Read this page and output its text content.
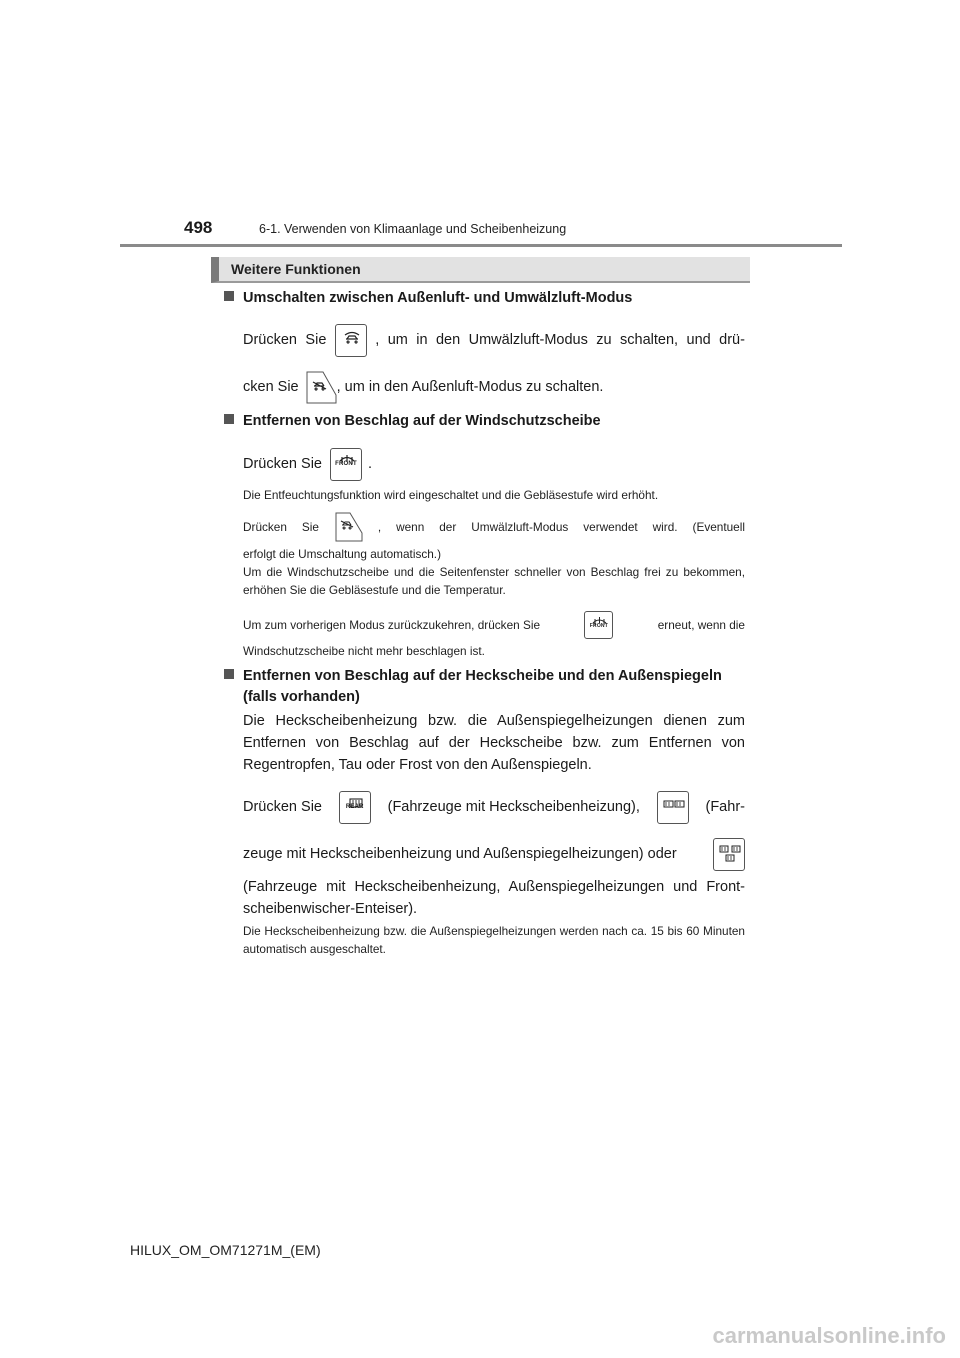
498	6-1. Verwenden von Klimaanlage und Scheibenheizung
Weitere Funktionen
Umschalten zwischen Außenluft- und Umwälzluft-Modus
Drücken Sie	, um in den Umwälzluft-Modus zu schalten, und drü-
cken Sie	, um in den Außenluft-Modus zu schalten.
Entfernen von Beschlag auf der Windschutzscheibe
Drücken Sie	FRONT .
Die Entfeuchtungsfunktion wird eingeschaltet und die Gebläsestufe wird erhöht.
Drücken Sie	, wenn der Umwälzluft-Modus verwendet wird. (Eventuell
erfolgt die Umschaltung automatisch.)
Um die Windschutzscheibe und die Seitenfenster schneller von Beschlag frei zu bekommen, erhöhen Sie die Gebläsestufe und die Temperatur.
Um zum vorherigen Modus zurückzukehren, drücken Sie	FRONT	erneut, wenn die
Windschutzscheibe nicht mehr beschlagen ist.
Entfernen von Beschlag auf der Heckscheibe und den Außenspiegeln
(falls vorhanden)
Die Heckscheibenheizung bzw. die Außenspiegelheizungen dienen zum Entfernen von Beschlag auf der Heckscheibe bzw. zum Entfernen von Regentropfen, Tau oder Frost von den Außenspiegeln.
Drücken Sie	REAR	(Fahrzeuge mit Heckscheibenheizung),	(Fahr-
zeuge mit Heckscheibenheizung und Außenspiegelheizungen) oder
(Fahrzeuge mit Heckscheibenheizung, Außenspiegelheizungen und Front-scheibenwischer-Enteiser).
Die Heckscheibenheizung bzw. die Außenspiegelheizungen werden nach ca. 15 bis 60 Minuten automatisch ausgeschaltet.
HILUX_OM_OM71271M_(EM)
carmanualsonline.info
